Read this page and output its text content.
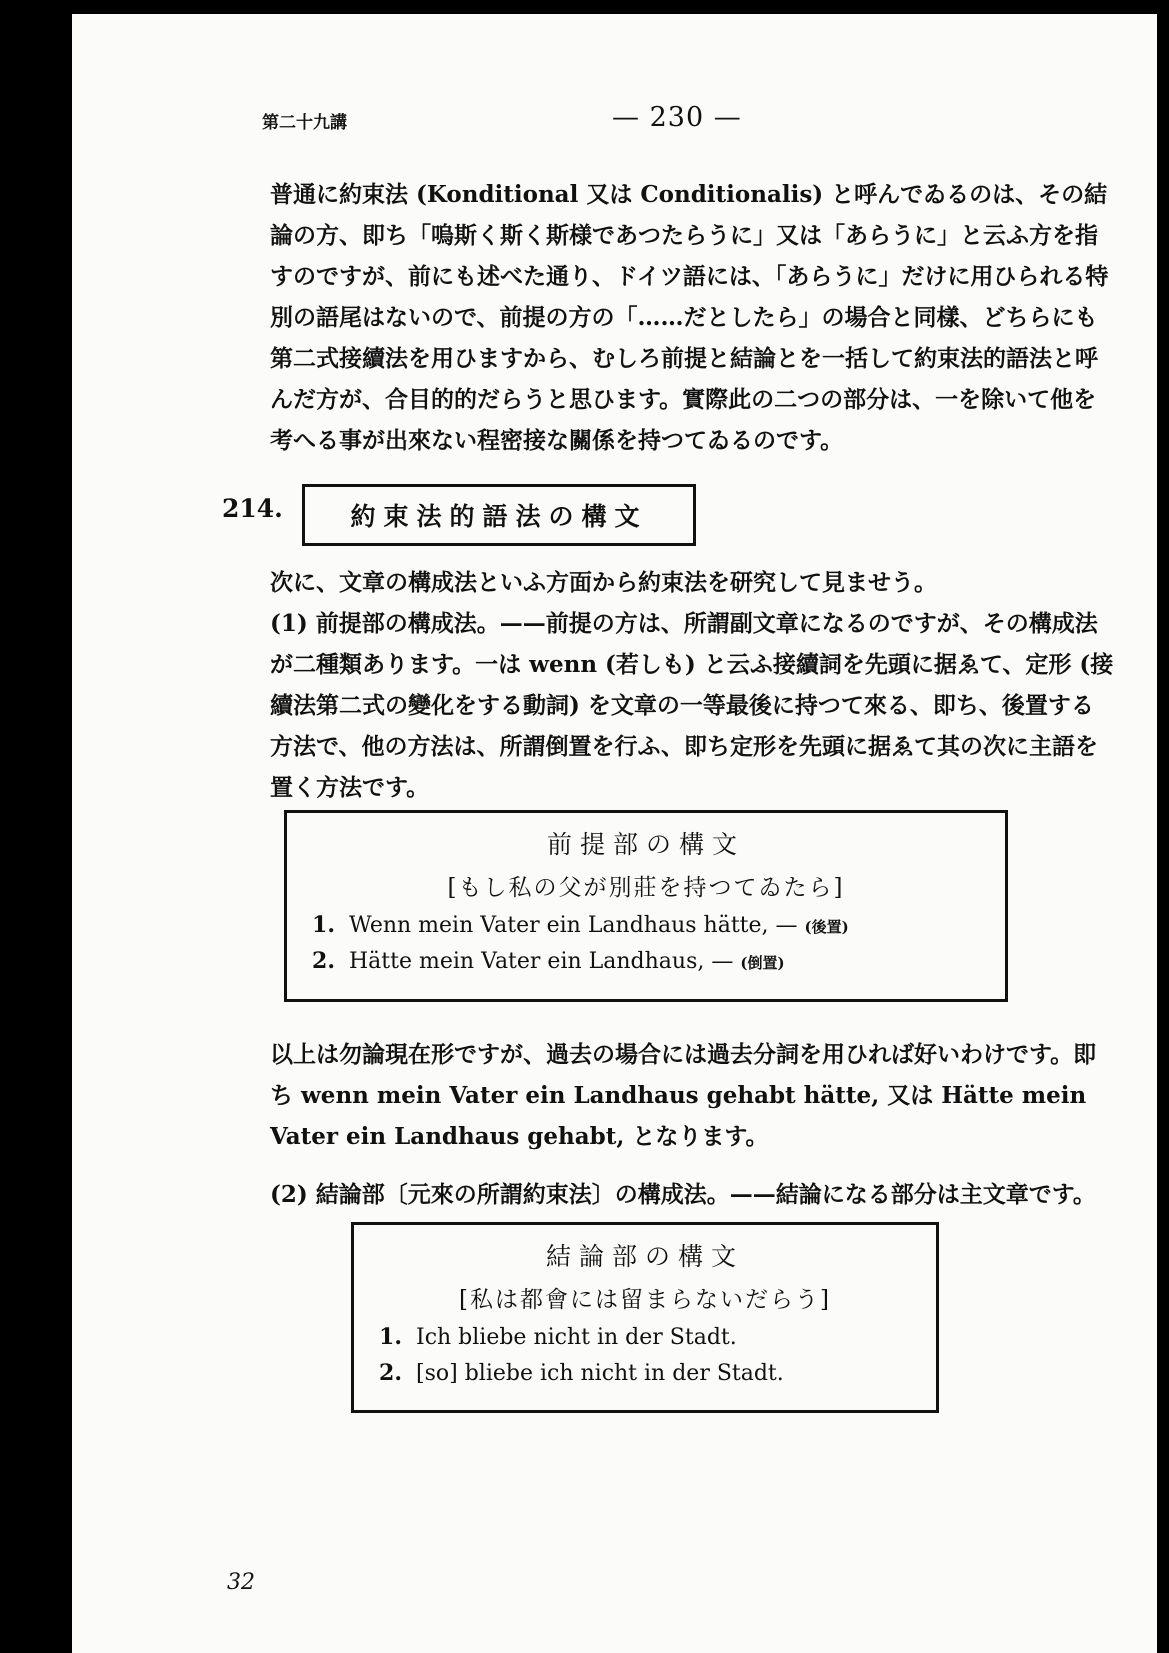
第二十九講	— 230 —
普通に約束法 (Konditional 又は Conditionalis) と呼んでゐるのは、その結論の方、即ち「嗚斯く斯く斯様であつたらうに」又は「あらうに」と云ふ方を指すのですが、前にも述べた通り、ドイツ語には、「あらうに」だけに用ひられる特別の語尾はないので、前提の方の「……だとしたら」の場合と同樣、どちらにも第二式接續法を用ひますから、むしろ前提と結論とを一括して約束法的語法と呼んだ方が、合目的的だらうと思ひます。實際此の二つの部分は、一を除いて他を考へる事が出來ない程密接な關係を持つてゐるのです。
214.	約束法的語法の構文
次に、文章の構成法といふ方面から約束法を研究して見ませう。
(1) 前提部の構成法。——前提の方は、所謂副文章になるのですが、その構成法が二種類あります。一は wenn (若しも) と云ふ接續詞を先頭に据ゑて、定形 (接續法第二式の變化をする動詞) を文章の一等最後に持つて來る、即ち、後置する方法で、他の方法は、所謂倒置を行ふ、即ち定形を先頭に据ゑて其の次に主語を置く方法です。
前提部の構文
[もし私の父が別莊を持つてゐたら]
1. Wenn mein Vater ein Landhaus hätte, — (後置)
2. Hätte mein Vater ein Landhaus, — (倒置)
以上は勿論現在形ですが、過去の場合には過去分詞を用ひれば好いわけです。即ち wenn mein Vater ein Landhaus gehabt hätte, 又は Hätte mein Vater ein Landhaus gehabt, となります。
(2) 結論部〔元來の所謂約束法〕の構成法。——結論になる部分は主文章です。
結論部の構文
[私は都會には留まらないだらう]
1. Ich bliebe nicht in der Stadt.
2. [so] bliebe ich nicht in der Stadt.
32
